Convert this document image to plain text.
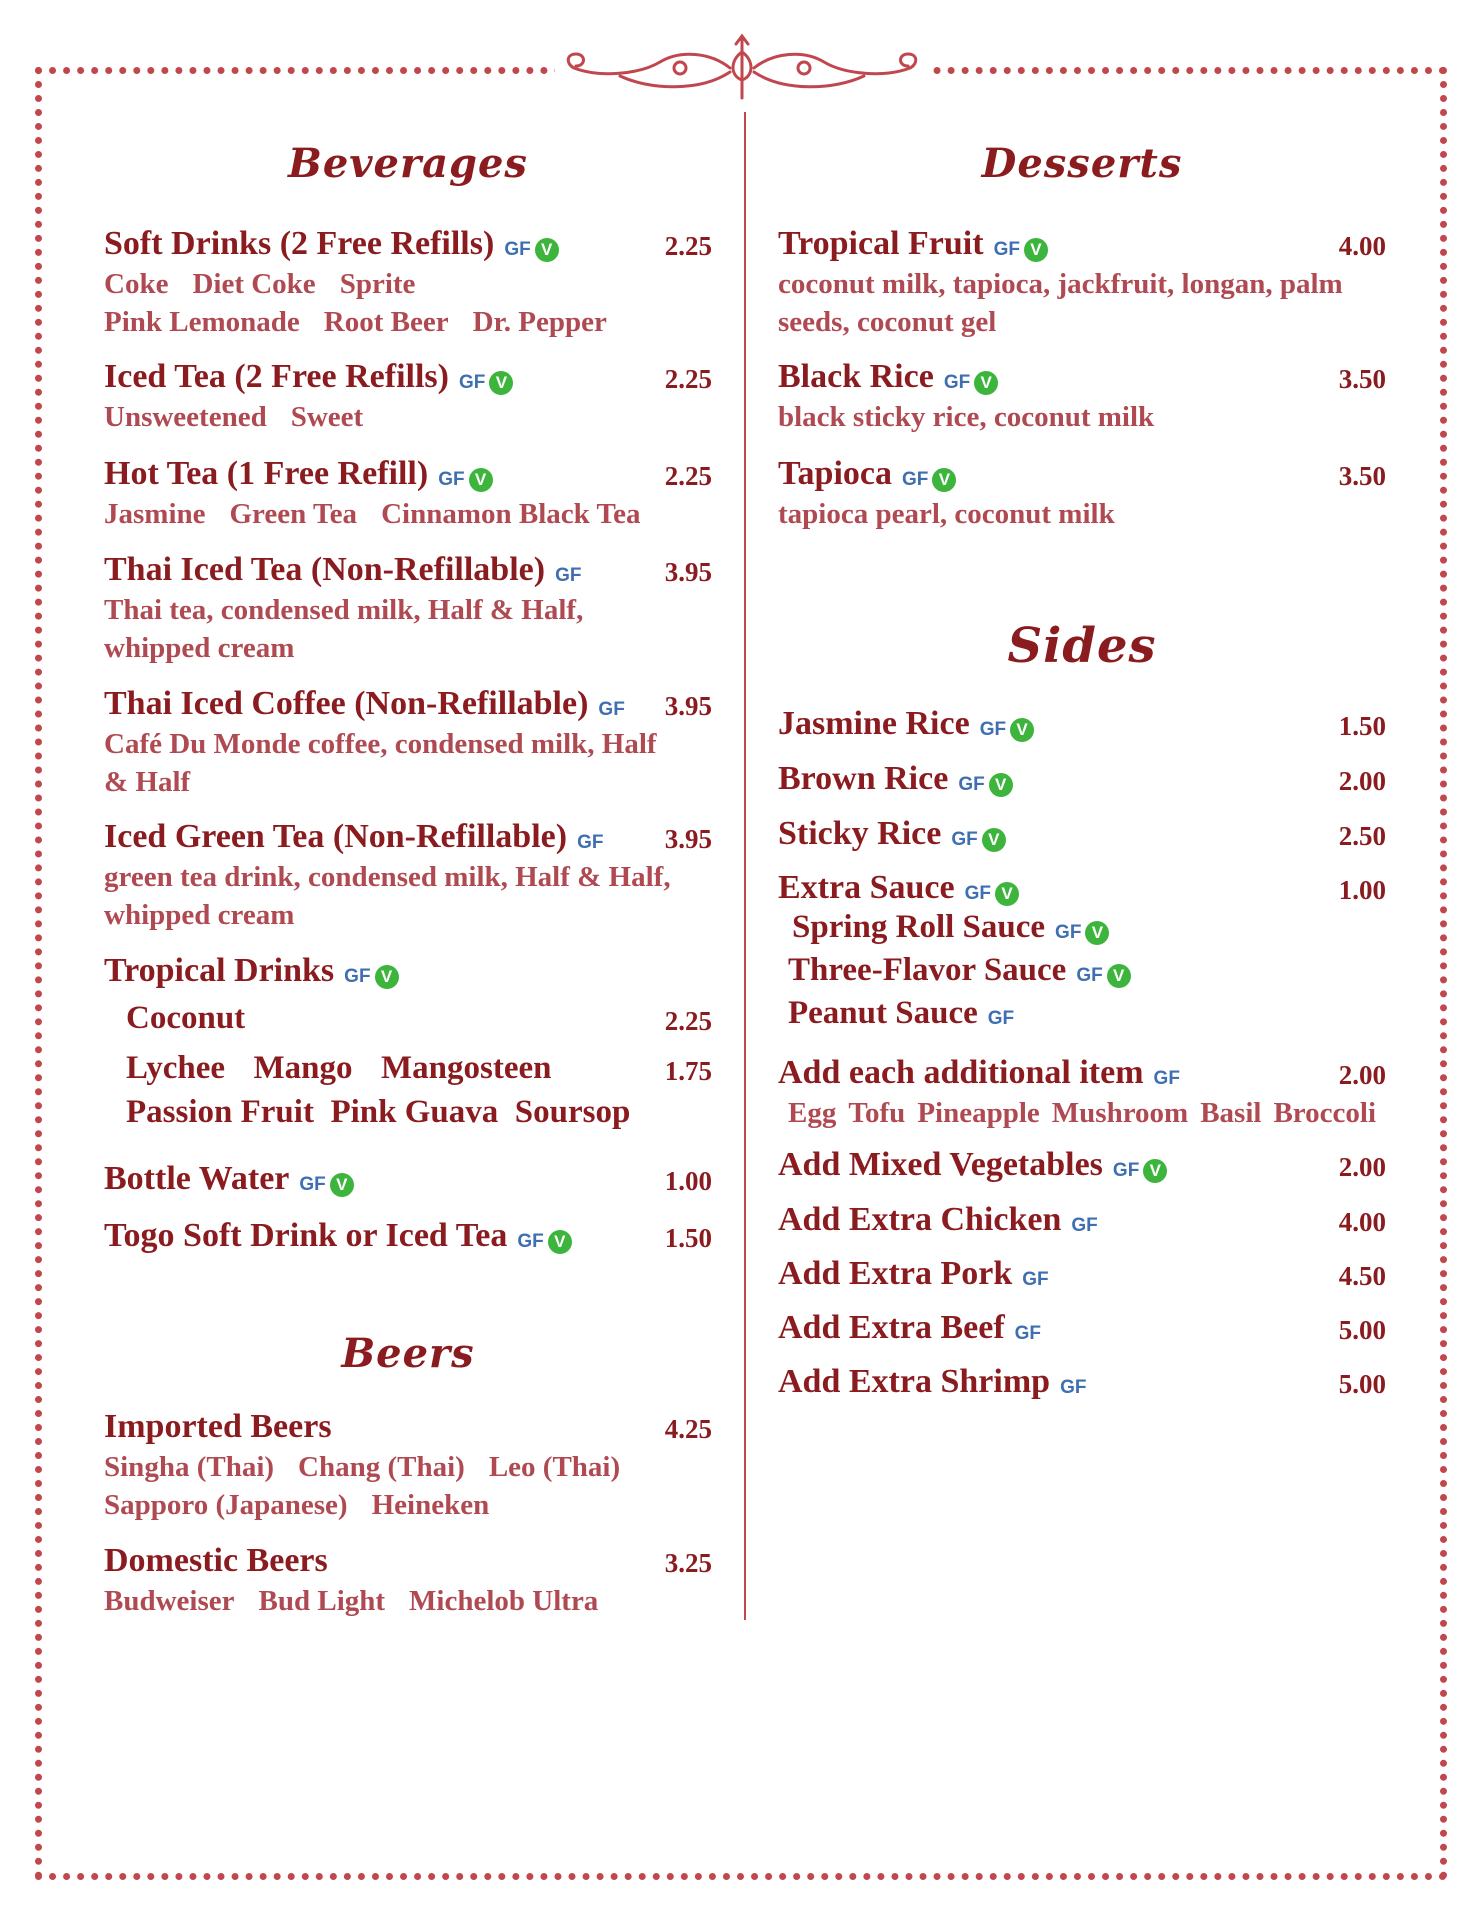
Beverages
Soft Drinks (2 Free Refills) GF V	2.25
Coke Diet Coke Sprite
Pink Lemonade Root Beer Dr. Pepper
Iced Tea (2 Free Refills) GF V	2.25
Unsweetened Sweet
Hot Tea (1 Free Refill) GF V	2.25
Jasmine Green Tea Cinnamon Black Tea
Thai Iced Tea (Non-Refillable) GF	3.95
Thai tea, condensed milk, Half & Half, whipped cream
Thai Iced Coffee (Non-Refillable) GF 3.95
Café Du Monde coffee, condensed milk, Half & Half
Iced Green Tea (Non-Refillable) GF 3.95
green tea drink, condensed milk, Half & Half, whipped cream
Tropical Drinks GF V
Coconut	2.25
Lychee Mango Mangosteen	1.75
Passion Fruit Pink Guava Soursop
Bottle Water GF V	1.00
Togo Soft Drink or Iced Tea GF V	1.50
Beers
Imported Beers	4.25
Singha (Thai) Chang (Thai) Leo (Thai)
Sapporo (Japanese) Heineken
Domestic Beers	3.25
Budweiser Bud Light Michelob Ultra
Desserts
Tropical Fruit GF V	4.00
coconut milk, tapioca, jackfruit, longan, palm seeds, coconut gel
Black Rice GF V	3.50
black sticky rice, coconut milk
Tapioca GF V	3.50
tapioca pearl, coconut milk
Sides
Jasmine Rice GF V	1.50
Brown Rice GF V	2.00
Sticky Rice GF V	2.50
Extra Sauce GF V	1.00
Spring Roll Sauce GF V
Three-Flavor Sauce GF V
Peanut Sauce GF
Add each additional item GF	2.00
Egg Tofu Pineapple Mushroom Basil Broccoli
Add Mixed Vegetables GF V	2.00
Add Extra Chicken GF	4.00
Add Extra Pork GF	4.50
Add Extra Beef GF	5.00
Add Extra Shrimp GF	5.00
